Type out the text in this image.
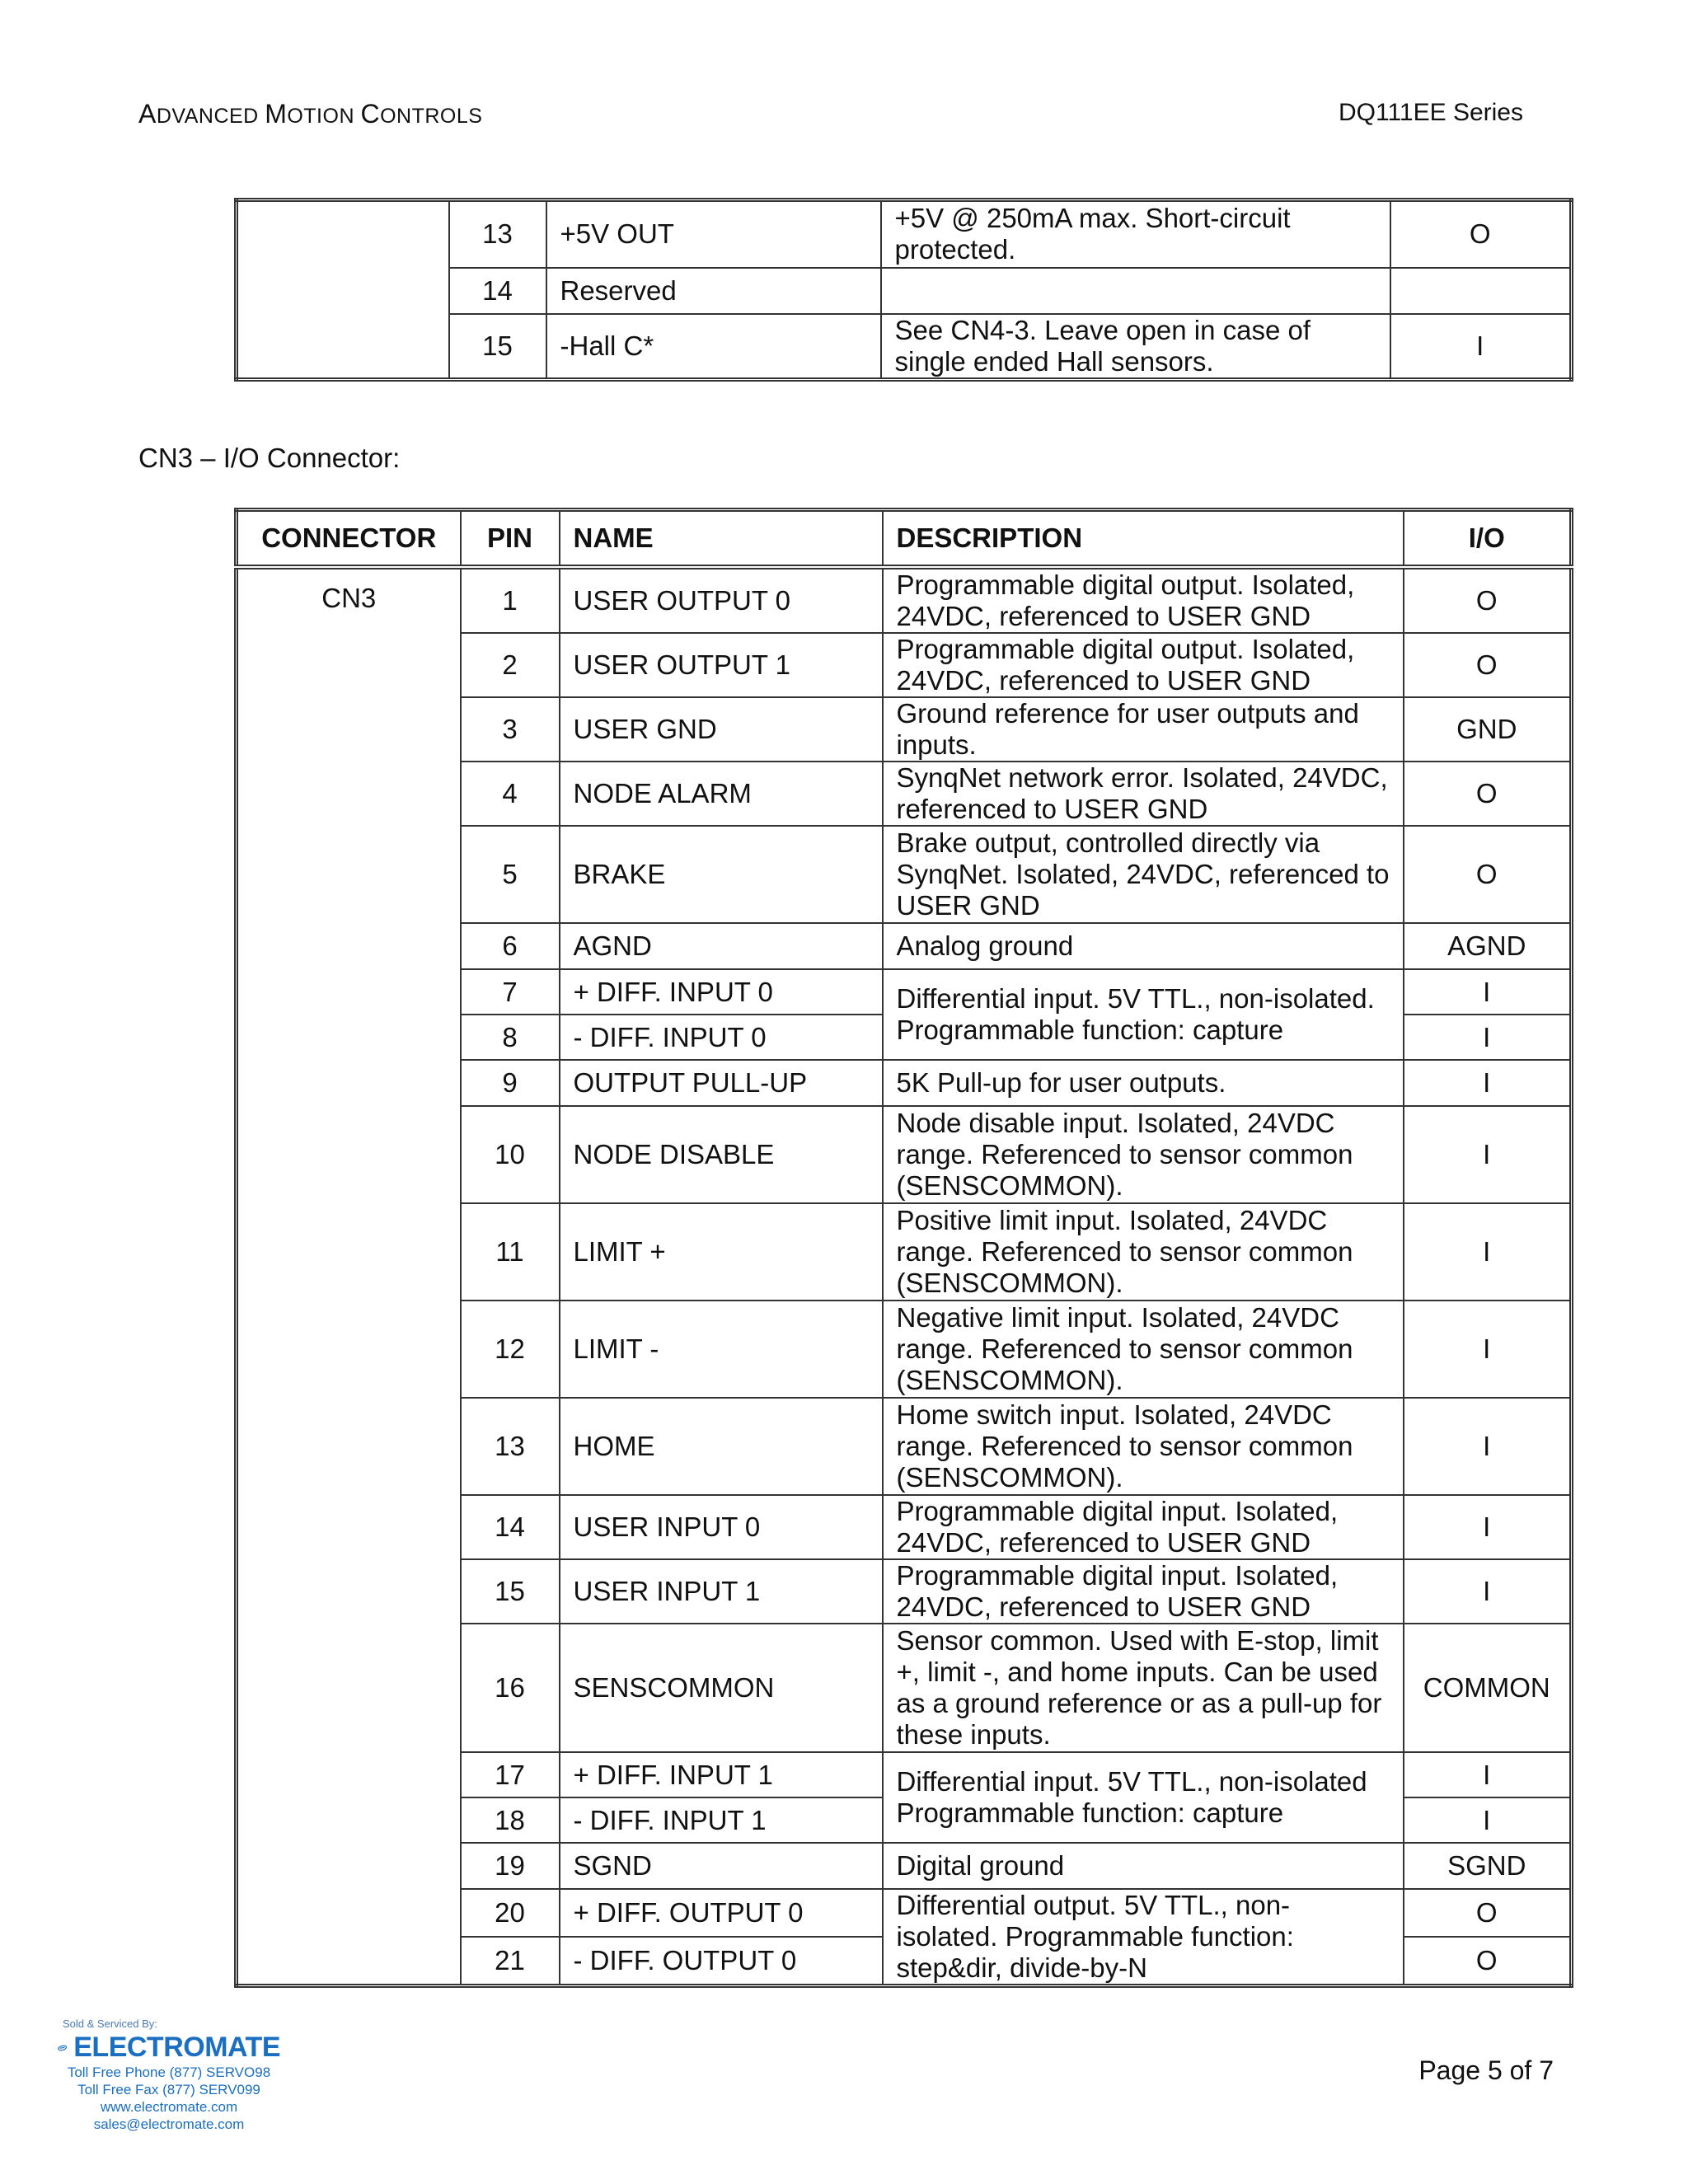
ADVANCED MOTION CONTROLS	DQ111EE Series
	13	+5V OUT	+5V @ 250mA max. Short-circuit protected.	O
	14	Reserved		
	15	-Hall C*	See CN4-3. Leave open in case of single ended Hall sensors.	I
CN3 – I/O Connector:
CONNECTOR	PIN	NAME	DESCRIPTION	I/O
CN3	1	USER OUTPUT 0	Programmable digital output. Isolated, 24VDC, referenced to USER GND	O
	2	USER OUTPUT 1	Programmable digital output. Isolated, 24VDC, referenced to USER GND	O
	3	USER GND	Ground reference for user outputs and inputs.	GND
	4	NODE ALARM	SynqNet network error. Isolated, 24VDC, referenced to USER GND	O
	5	BRAKE	Brake output, controlled directly via SynqNet. Isolated, 24VDC, referenced to USER GND	O
	6	AGND	Analog ground	AGND
	7	+ DIFF. INPUT 0	Differential input. 5V TTL., non-isolated. Programmable function: capture	I
	8	- DIFF. INPUT 0		I
	9	OUTPUT PULL-UP	5K Pull-up for user outputs.	I
	10	NODE DISABLE	Node disable input. Isolated, 24VDC range. Referenced to sensor common (SENSCOMMON).	I
	11	LIMIT +	Positive limit input. Isolated, 24VDC range. Referenced to sensor common (SENSCOMMON).	I
	12	LIMIT -	Negative limit input. Isolated, 24VDC range. Referenced to sensor common (SENSCOMMON).	I
	13	HOME	Home switch input. Isolated, 24VDC range. Referenced to sensor common (SENSCOMMON).	I
	14	USER INPUT 0	Programmable digital input. Isolated, 24VDC, referenced to USER GND	I
	15	USER INPUT 1	Programmable digital input. Isolated, 24VDC, referenced to USER GND	I
	16	SENSCOMMON	Sensor common. Used with E-stop, limit +, limit -, and home inputs. Can be used as a ground reference or as a pull-up for these inputs.	COMMON
	17	+ DIFF. INPUT 1	Differential input. 5V TTL., non-isolated Programmable function: capture	I
	18	- DIFF. INPUT 1		I
	19	SGND	Digital ground	SGND
	20	+ DIFF. OUTPUT 0	Differential output. 5V TTL., non-isolated. Programmable function: step&dir, divide-by-N	O
	21	- DIFF. OUTPUT 0		O
Sold & Serviced By:
ELECTROMATE
Toll Free Phone (877) SERVO98
Toll Free Fax (877) SERV099
www.electromate.com
sales@electromate.com
Page 5 of 7
